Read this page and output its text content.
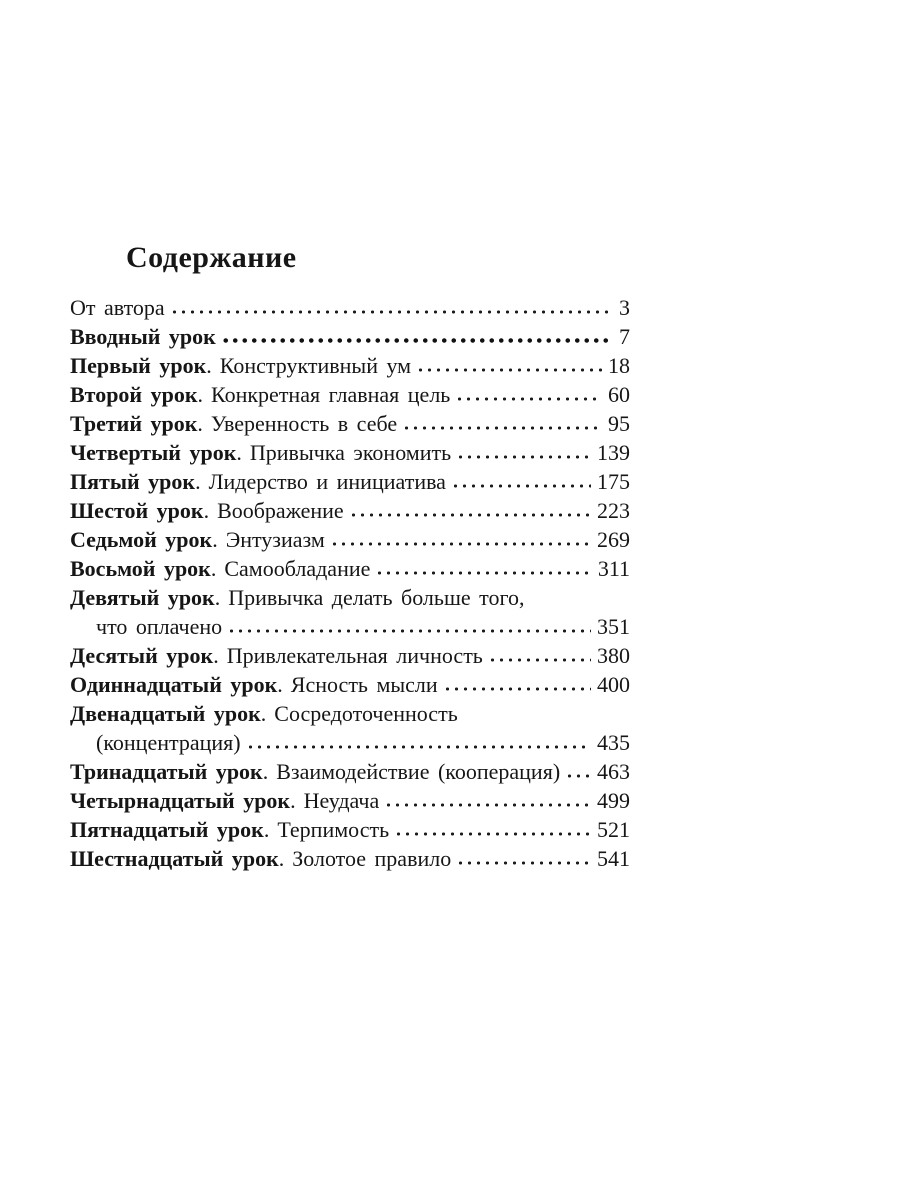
Содержание
От автора	3
Вводный урок	7
Первый урок . Конструктивный ум	18
Второй урок . Конкретная главная цель	60
Третий урок . Уверенность в себе	95
Четвертый урок . Привычка экономить	139
Пятый урок . Лидерство и инициатива	175
Шестой урок . Воображение	223
Седьмой урок . Энтузиазм	269
Восьмой урок . Самообладание	311
Девятый урок . Привычка делать больше того,
что оплачено	351
Десятый урок . Привлекательная личность	380
Одиннадцатый урок . Ясность мысли	400
Двенадцатый урок . Сосредоточенность
(концентрация)	435
Тринадцатый урок . Взаимодействие (кооперация) 463
Четырнадцатый урок . Неудача	499
Пятнадцатый урок . Терпимость	521
Шестнадцатый урок . Золотое правило	541
